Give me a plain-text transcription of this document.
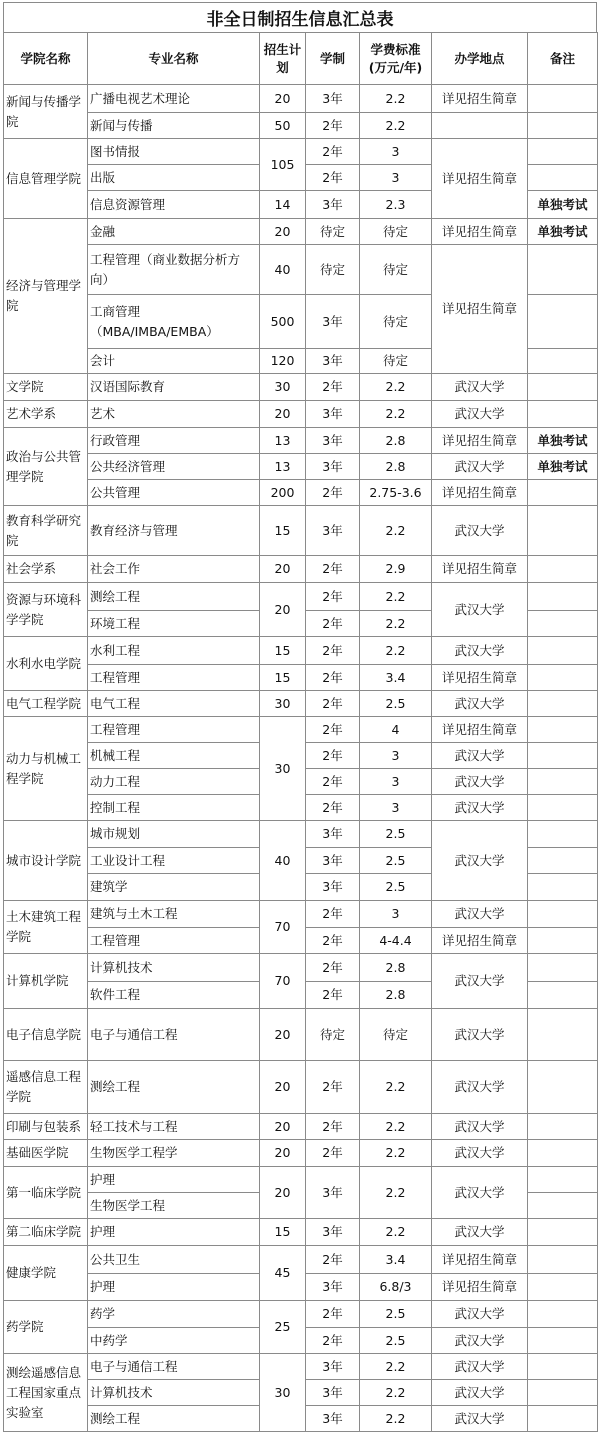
非全日制招生信息汇总表
学院名称	专业名称	招生计划	学制	学费标准(万元/年)	办学地点	备注
新闻与传播学院	广播电视艺术理论	20	3年	2.2	详见招生简章	
	新闻与传播	50	2年	2.2		
信息管理学院	图书情报	105	2年	3	详见招生简章	
	出版		2年	3		
	信息资源管理	14	3年	2.3		单独考试
经济与管理学院	金融	20	待定	待定	详见招生简章	单独考试
	工程管理（商业数据分析方向）	40	待定	待定	详见招生简章	
	工商管理（MBA/IMBA/EMBA）	500	3年	待定		
	会计	120	3年	待定		
文学院	汉语国际教育	30	2年	2.2	武汉大学	
艺术学系	艺术	20	3年	2.2	武汉大学	
政治与公共管理学院	行政管理	13	3年	2.8	详见招生简章	单独考试
	公共经济管理	13	3年	2.8	武汉大学	单独考试
	公共管理	200	2年	2.75-3.6	详见招生简章	
教育科学研究院	教育经济与管理	15	3年	2.2	武汉大学	
社会学系	社会工作	20	2年	2.9	详见招生简章	
资源与环境科学学院	测绘工程	20	2年	2.2	武汉大学	
	环境工程		2年	2.2		
水利水电学院	水利工程	15	2年	2.2	武汉大学	
	工程管理	15	2年	3.4	详见招生简章	
电气工程学院	电气工程	30	2年	2.5	武汉大学	
动力与机械工程学院	工程管理	30	2年	4	详见招生简章	
	机械工程		2年	3	武汉大学	
	动力工程		2年	3	武汉大学	
	控制工程		2年	3	武汉大学	
城市设计学院	城市规划	40	3年	2.5	武汉大学	
	工业设计工程		3年	2.5		
	建筑学		3年	2.5		
土木建筑工程学院	建筑与土木工程	70	2年	3	武汉大学	
	工程管理		2年	4-4.4	详见招生简章	
计算机学院	计算机技术	70	2年	2.8	武汉大学	
	软件工程		2年	2.8		
电子信息学院	电子与通信工程	20	待定	待定	武汉大学	
遥感信息工程学院	测绘工程	20	2年	2.2	武汉大学	
印刷与包装系	轻工技术与工程	20	2年	2.2	武汉大学	
基础医学院	生物医学工程学	20	2年	2.2	武汉大学	
第一临床学院	护理	20	3年	2.2	武汉大学	
	生物医学工程					
第二临床学院	护理	15	3年	2.2	武汉大学	
健康学院	公共卫生	45	2年	3.4	详见招生简章	
	护理		3年	6.8/3	详见招生简章	
药学院	药学	25	2年	2.5	武汉大学	
	中药学		2年	2.5	武汉大学	
测绘遥感信息工程国家重点实验室	电子与通信工程	30	3年	2.2	武汉大学	
	计算机技术		3年	2.2	武汉大学	
	测绘工程		3年	2.2	武汉大学	
